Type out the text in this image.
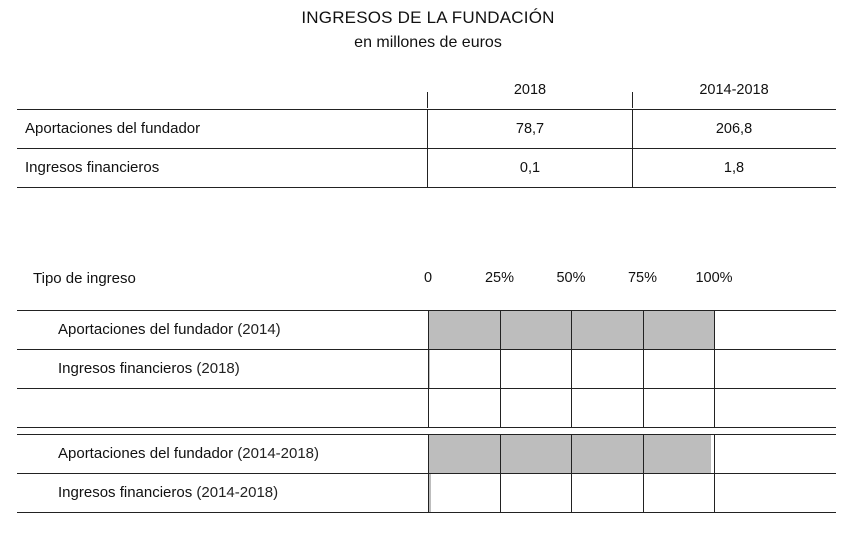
INGRESOS DE LA FUNDACIÓN
en millones de euros
2018	2014-2018
Aportaciones del fundador	78,7	206,8
Ingresos financieros	0,1	1,8
Tipo de ingreso	0	25%	50%	75%	100%
Aportaciones del fundador (2014)
Ingresos financieros (2018)
Aportaciones del fundador (2014-2018)
Ingresos financieros (2014-2018)
